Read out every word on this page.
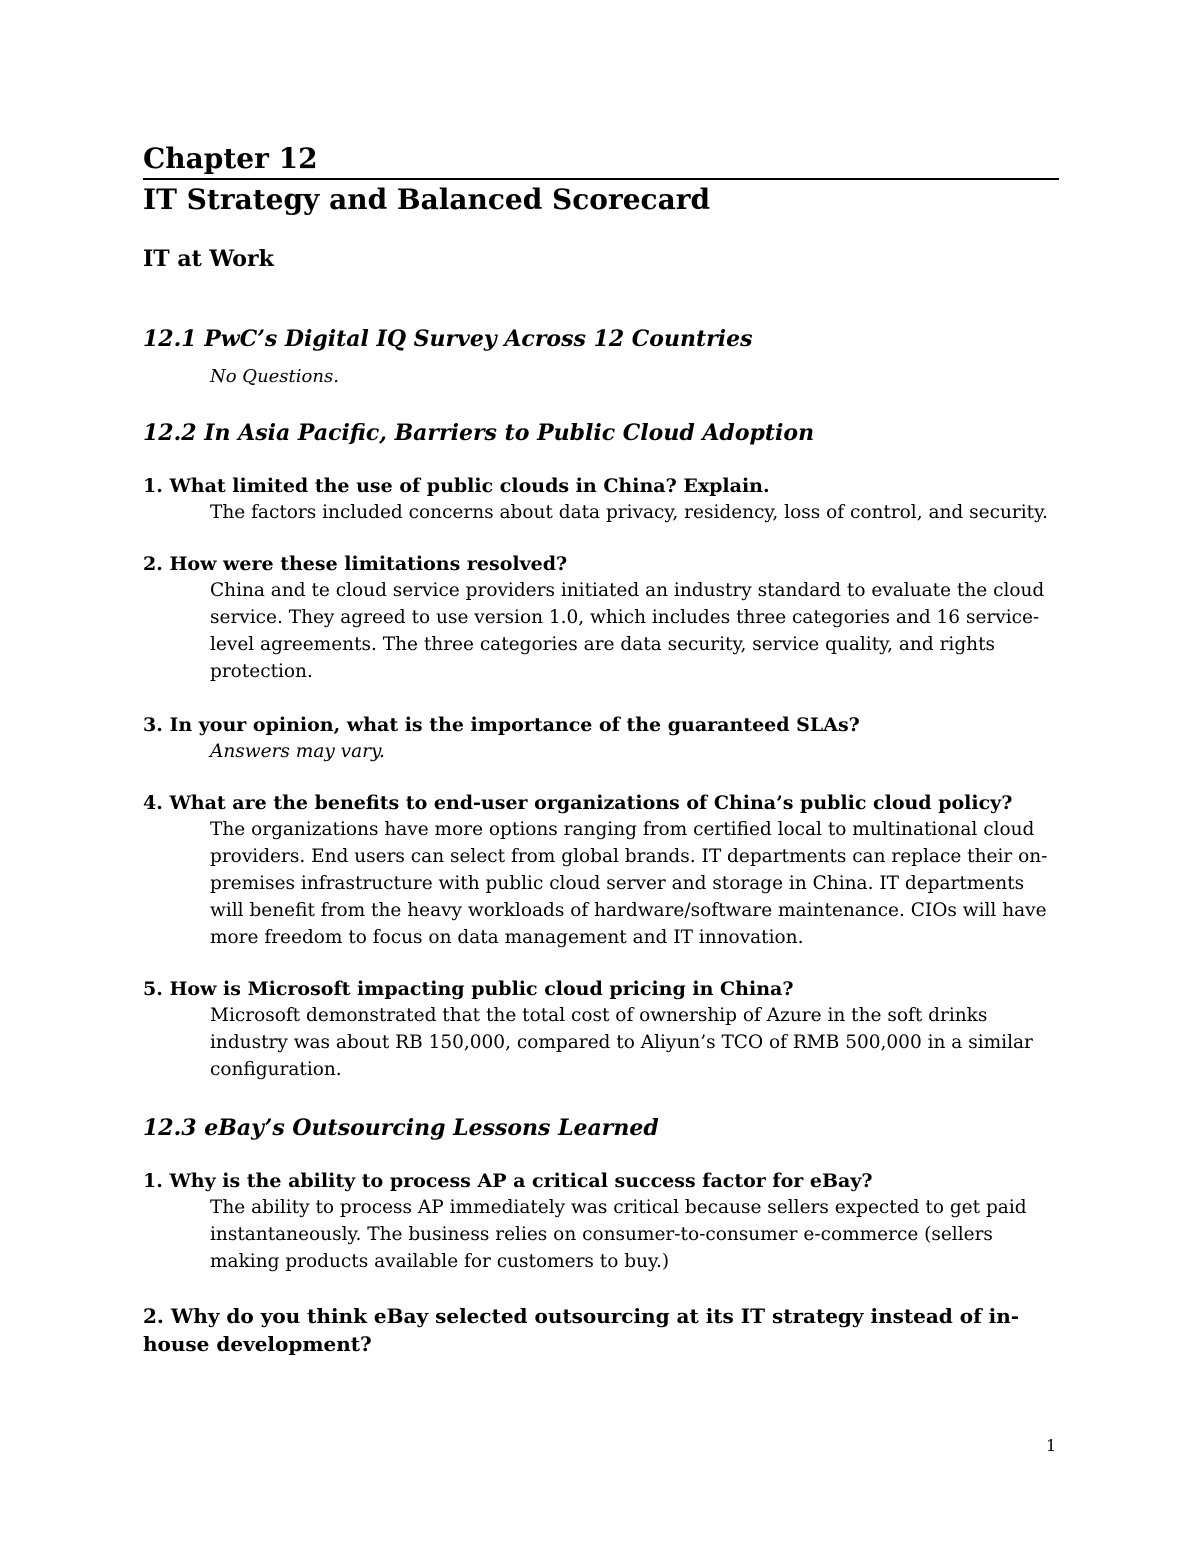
Chapter 12
IT Strategy and Balanced Scorecard
IT at Work
12.1 PwC’s Digital IQ Survey Across 12 Countries
No Questions.
12.2 In Asia Pacific, Barriers to Public Cloud Adoption
1. What limited the use of public clouds in China? Explain.
The factors included concerns about data privacy, residency, loss of control, and security.
2. How were these limitations resolved?
China and te cloud service providers initiated an industry standard to evaluate the cloud service. They agreed to use version 1.0, which includes three categories and 16 service-level agreements. The three categories are data security, service quality, and rights protection.
3. In your opinion, what is the importance of the guaranteed SLAs?
Answers may vary.
4. What are the benefits to end-user organizations of China’s public cloud policy?
The organizations have more options ranging from certified local to multinational cloud providers. End users can select from global brands. IT departments can replace their on-premises infrastructure with public cloud server and storage in China. IT departments will benefit from the heavy workloads of hardware/software maintenance. CIOs will have more freedom to focus on data management and IT innovation.
5. How is Microsoft impacting public cloud pricing in China?
Microsoft demonstrated that the total cost of ownership of Azure in the soft drinks industry was about RB 150,000, compared to Aliyun’s TCO of RMB 500,000 in a similar configuration.
12.3 eBay’s Outsourcing Lessons Learned
1. Why is the ability to process AP a critical success factor for eBay?
The ability to process AP immediately was critical because sellers expected to get paid instantaneously. The business relies on consumer-to-consumer e-commerce (sellers making products available for customers to buy.)
2. Why do you think eBay selected outsourcing at its IT strategy instead of in-house development?
1
